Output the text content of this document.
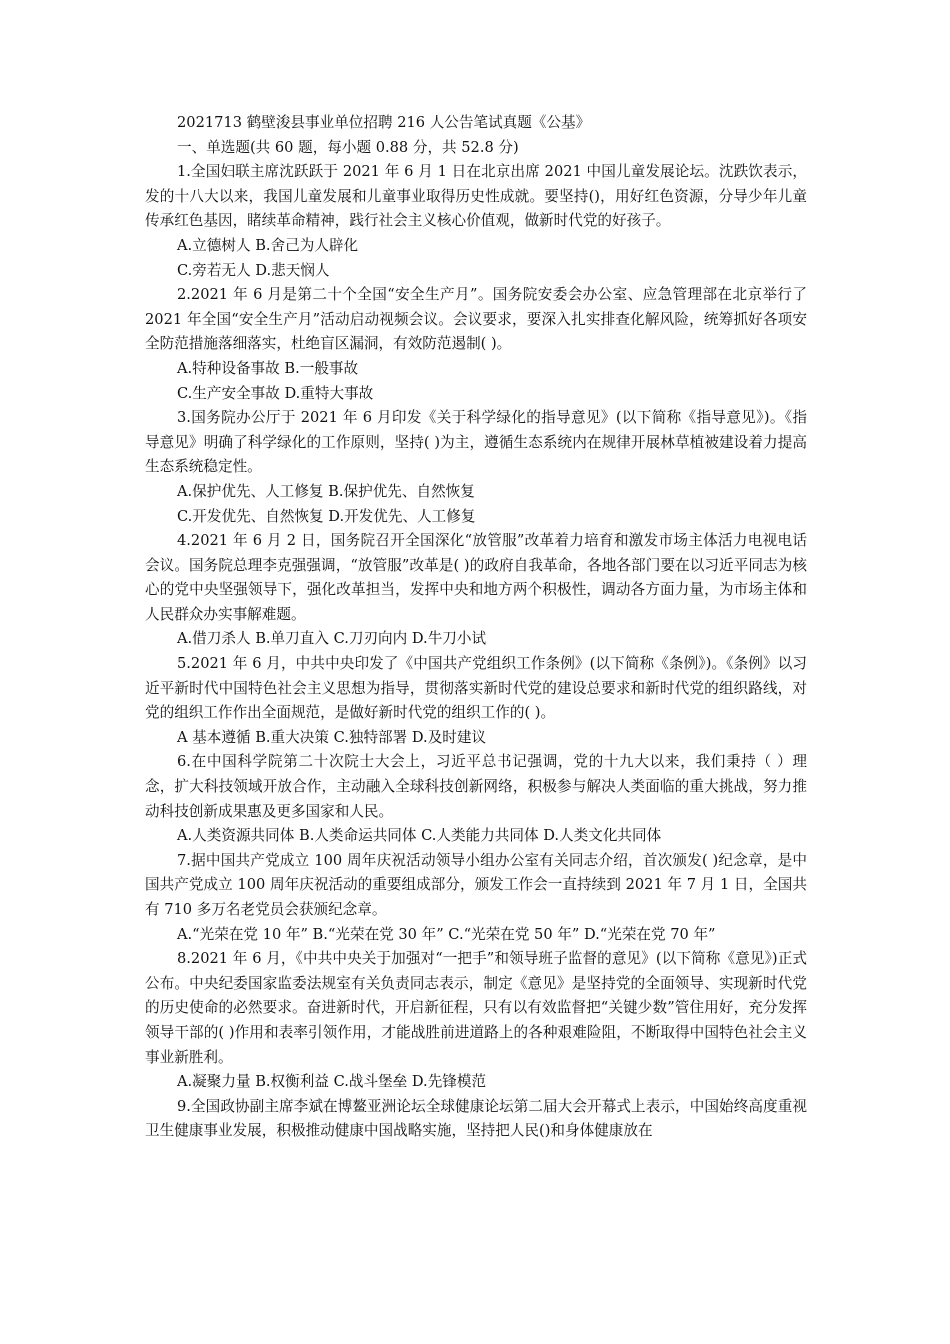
2021713 鹤壁浚县事业单位招聘 216 人公告笔试真题《公基》

一、单选题(共 60 题，每小题 0.88 分，共 52.8 分)

1.全国妇联主席沈跃跃于 2021 年 6 月 1 日在北京出席 2021 中国儿童发展论坛。沈跌饮表示，发的十八大以来，我国儿童发展和儿童事业取得历史性成就。要坚持()，用好红色资源，分导少年儿童传承红色基因，睹续革命精神，践行社会主义核心价值观，做新时代党的好孩子。

A.立德树人 B.舍己为人辟化

C.旁若无人 D.悲天悯人

2.2021 年 6 月是第二十个全国“安全生产月”。国务院安委会办公室、应急管理部在北京举行了 2021 年全国“安全生产月”活动启动视频会议。会议要求，要深入扎实排查化解风险，统筹抓好各项安全防范措施落细落实，杜绝盲区漏洞，有效防范遏制( )。

A.特种设备事故 B.一般事故

C.生产安全事故 D.重特大事故

3.国务院办公厅于 2021 年 6 月印发《关于科学绿化的指导意见》(以下简称《指导意见》)。《指导意见》明确了科学绿化的工作原则，坚持( )为主，遵循生态系统内在规律开展林草植被建设着力提高生态系统稳定性。

A.保护优先、人工修复 B.保护优先、自然恢复

C.开发优先、自然恢复 D.开发优先、人工修复

4.2021 年 6 月 2 日，国务院召开全国深化“放管服”改革着力培育和激发市场主体活力电视电话会议。国务院总理李克强强调，“放管服”改革是( )的政府自我革命，各地各部门要在以习近平同志为核心的党中央坚强领导下，强化改革担当，发挥中央和地方两个积极性，调动各方面力量，为市场主体和人民群众办实事解难题。

A.借刀杀人 B.单刀直入 C.刀刃向内 D.牛刀小试

5.2021 年 6 月，中共中央印发了《中国共产党组织工作条例》(以下简称《条例》)。《条例》以习近平新时代中国特色社会主义思想为指导，贯彻落实新时代党的建设总要求和新时代党的组织路线，对党的组织工作作出全面规范，是做好新时代党的组织工作的( )。

A 基本遵循 B.重大决策 C.独特部署 D.及时建议

6.在中国科学院第二十次院士大会上，习近平总书记强调，党的十九大以来，我们秉持（ ）理念，扩大科技领域开放合作，主动融入全球科技创新网络，积极参与解决人类面临的重大挑战，努力推动科技创新成果惠及更多国家和人民。

A.人类资源共同体 B.人类命运共同体 C.人类能力共同体 D.人类文化共同体

7.据中国共产党成立 100 周年庆祝活动领导小组办公室有关同志介绍，首次颁发( )纪念章，是中国共产党成立 100 周年庆祝活动的重要组成部分，颁发工作会一直持续到 2021 年 7 月 1 日，全国共有 710 多万名老党员会获颁纪念章。

A.“光荣在党 10 年” B.“光荣在党 30 年” C.“光荣在党 50 年” D.“光荣在党 70 年”

8.2021 年 6 月，《中共中央关于加强对“一把手”和领导班子监督的意见》(以下简称《意见》)正式公布。中央纪委国家监委法规室有关负责同志表示，制定《意见》是坚持党的全面领导、实现新时代党的历史使命的必然要求。奋进新时代，开启新征程，只有以有效监督把“关键少数”管住用好，充分发挥领导干部的( )作用和表率引领作用，才能战胜前进道路上的各种艰难险阻，不断取得中国特色社会主义事业新胜利。

A.凝聚力量 B.权衡利益 C.战斗堡垒 D.先锋模范

9.全国政协副主席李斌在博鳌亚洲论坛全球健康论坛第二届大会开幕式上表示，中国始终高度重视卫生健康事业发展，积极推动健康中国战略实施，坚持把人民()和身体健康放在
